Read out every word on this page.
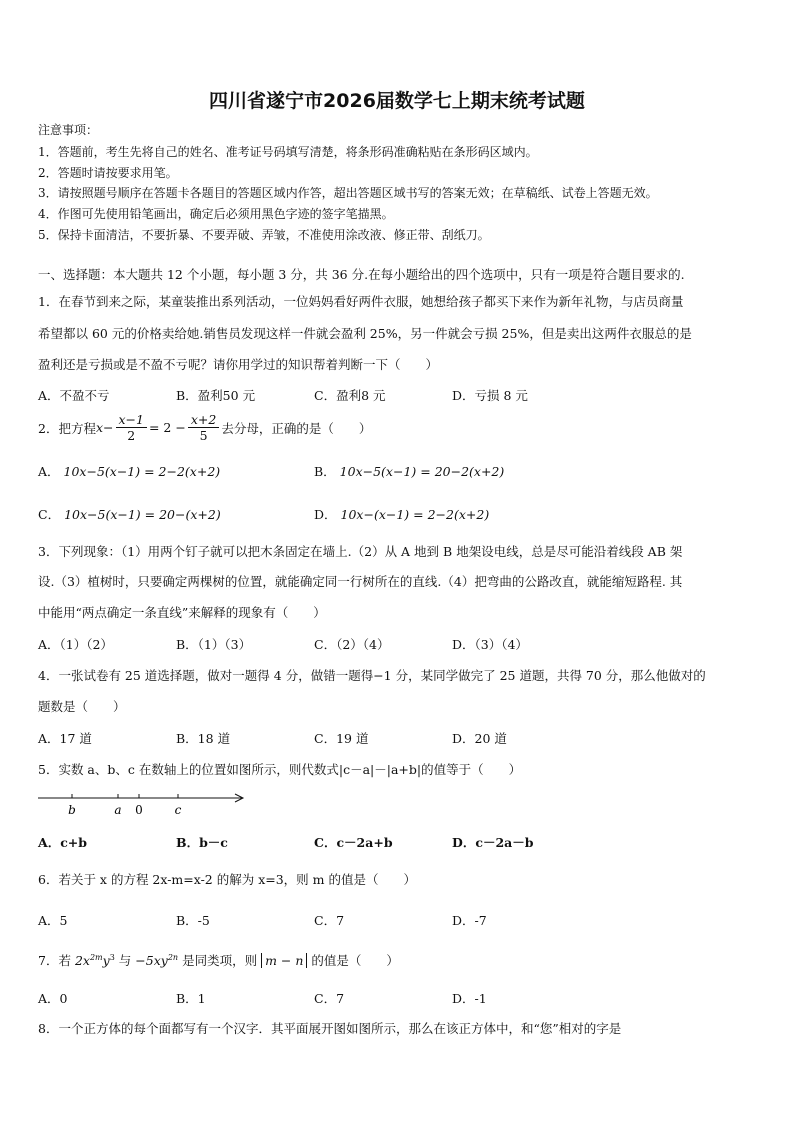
四川省遂宁市2026届数学七上期末统考试题
注意事项：
1．答题前，考生先将自己的姓名、准考证号码填写清楚，将条形码准确粘贴在条形码区域内。
2．答题时请按要求用笔。
3．请按照题号顺序在答题卡各题目的答题区域内作答，超出答题区域书写的答案无效；在草稿纸、试卷上答题无效。
4．作图可先使用铅笔画出，确定后必须用黑色字迹的签字笔描黑。
5．保持卡面清洁，不要折暴、不要弄破、弄皱，不准使用涂改液、修正带、刮纸刀。
一、选择题：本大题共 12 个小题，每小题 3 分，共 36 分.在每小题给出的四个选项中，只有一项是符合题目要求的.
1．在春节到来之际，某童装推出系列活动，一位妈妈看好两件衣服，她想给孩子都买下来作为新年礼物，与店员商量
希望都以 60 元的价格卖给她.销售员发现这样一件就会盈利 25%，另一件就会亏损 25%，但是卖出这两件衣服总的是
盈利还是亏损或是不盈不亏呢？请你用学过的知识帮着判断一下（　　）
A．不盈不亏	B．盈利50 元	C．盈利8 元	D．亏损 8 元
2．把方程 $x - \frac{x-1}{2} = 2 - \frac{x+2}{5}$ 去分母，正确的是（　　）
A． 10x−5(x−1) = 2−2(x+2)	B． 10x−5(x−1) = 20−2(x+2)
C． 10x−5(x−1) = 20−(x+2)	D． 10x−(x−1) = 2−2(x+2)
3．下列现象：（1）用两个钉子就可以把木条固定在墙上.（2）从 A 地到 B 地架设电线，总是尽可能沿着线段 AB 架
设.（3）植树时，只要确定两棵树的位置，就能确定同一行树所在的直线.（4）把弯曲的公路改直，就能缩短路程. 其
中能用“两点确定一条直线”来解释的现象有（　　）
A．（1）（2）	B．（1）（3）	C．（2）（4）	D．（3）（4）
4．一张试卷有 25 道选择题，做对一题得 4 分，做错一题得−1 分，某同学做完了 25 道题，共得 70 分，那么他做对的
题数是（　　）
A．17 道	B．18 道	C．19 道	D．20 道
5．实数 a、b、c 在数轴上的位置如图所示，则代数式|c－a|－|a+b|的值等于（　　）
b	a 0	c
A．c+b	B．b－c	C．c－2a+b	D．c－2a－b
6．若关于 x 的方程 2x-m=x-2 的解为 x=3，则 m 的值是（　　）
A．5	B．-5	C．7	D．-7
7．若 $2x^{2m}y^3$ 与 $-5xy^{2n}$ 是同类项，则 m − n 的值是（　　）
A．0	B．1	C．7	D．-1
8．一个正方体的每个面都写有一个汉字．其平面展开图如图所示，那么在该正方体中，和“您”相对的字是
